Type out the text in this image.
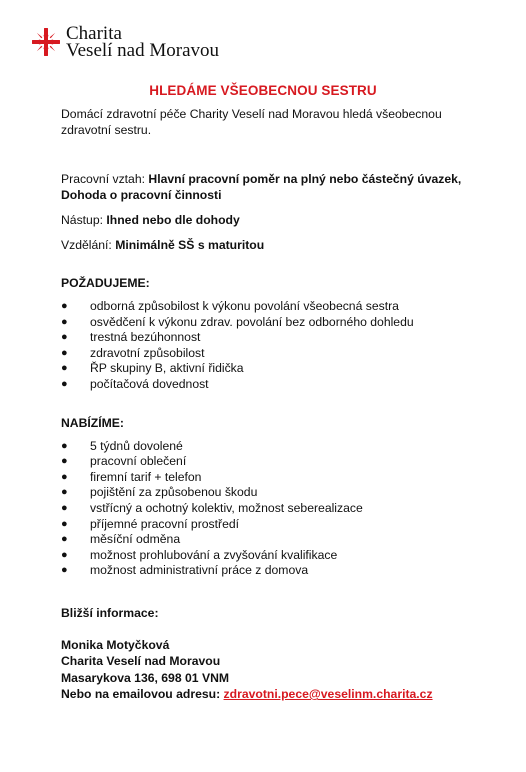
Charita
Veselí nad Moravou
HLEDÁME VŠEOBECNOU SESTRU

Domácí zdravotní péče Charity Veselí nad Moravou hledá všeobecnou zdravotní sestru.

Pracovní vztah: Hlavní pracovní poměr na plný nebo částečný úvazek, Dohoda o pracovní činnosti

Nástup: Ihned nebo dle dohody

Vzdělání: Minimálně SŠ s maturitou

POŽADUJEME:
● odborná způsobilost k výkonu povolání všeobecná sestra
● osvědčení k výkonu zdrav. povolání bez odborného dohledu
● trestná bezúhonnost
● zdravotní způsobilost
● ŘP skupiny B, aktivní řidička
● počítačová dovednost
NABÍZÍME:
● 5 týdnů dovolené
● pracovní oblečení
● firemní tarif + telefon
● pojištění za způsobenou škodu
● vstřícný a ochotný kolektiv, možnost seberealizace
● příjemné pracovní prostředí
● měsíční odměna
● možnost prohlubování a zvyšování kvalifikace
● možnost administrativní práce z domova
Bližší informace:
Monika Motyčková
Charita Veselí nad Moravou
Masarykova 136, 698 01 VNM
Nebo na emailovou adresu: zdravotni.pece@veselinm.charita.cz
